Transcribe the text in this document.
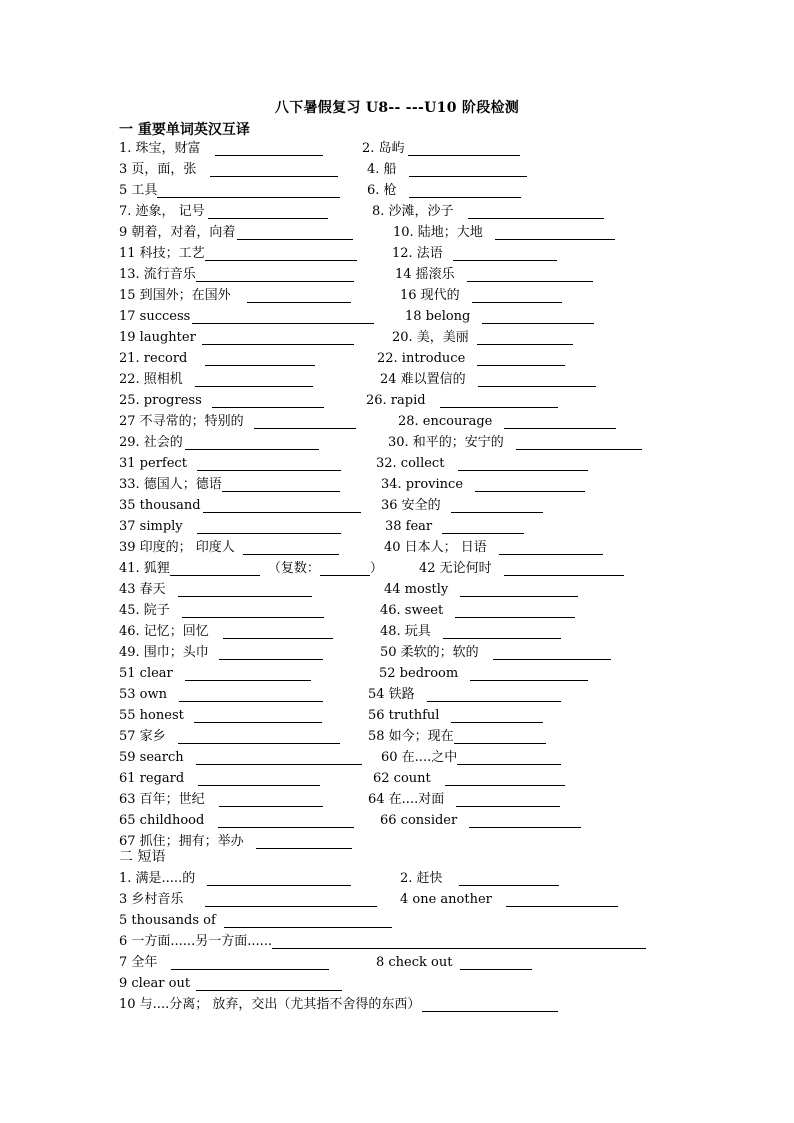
八下暑假复习 U8-- ---U10 阶段检测
一 重要单词英汉互译
1. 珠宝，财富	2. 岛屿
3 页，面，张	4. 船
5 工具	6. 枪
7. 迹象， 记号	8. 沙滩，沙子
9 朝着，对着，向着	10. 陆地；大地
11 科技；工艺	12. 法语
13. 流行音乐	14 摇滚乐
15 到国外；在国外	16 现代的
17 success	18 belong
19 laughter	20. 美，美丽
21. record	22. introduce
22. 照相机	24 难以置信的
25. progress	26. rapid
27 不寻常的；特别的	28. encourage
29. 社会的	30. 和平的；安宁的
31 perfect	32. collect
33. 德国人；德语	34. province
35 thousand	36 安全的
37 simply	38 fear
39 印度的； 印度人	40 日本人； 日语
41. 狐狸	（复数：	）	42 无论何时
43 春天	44 mostly
45. 院子	46. sweet
46. 记忆；回忆	48. 玩具
49. 围巾；头巾	50 柔软的；软的
51 clear	52 bedroom
53 own	54 铁路
55 honest	56 truthful
57 家乡	58 如今；现在
59 search	60 在....之中
61 regard	62 count
63 百年；世纪	64 在....对面
65 childhood	66 consider
67 抓住；拥有；举办
二 短语
1. 满是.....的	2. 赶快
3 乡村音乐	4 one another
5 thousands of
6 一方面......另一方面......
7 全年	8 check out
9 clear out
10 与....分离； 放弃，交出（尤其指不舍得的东西）
